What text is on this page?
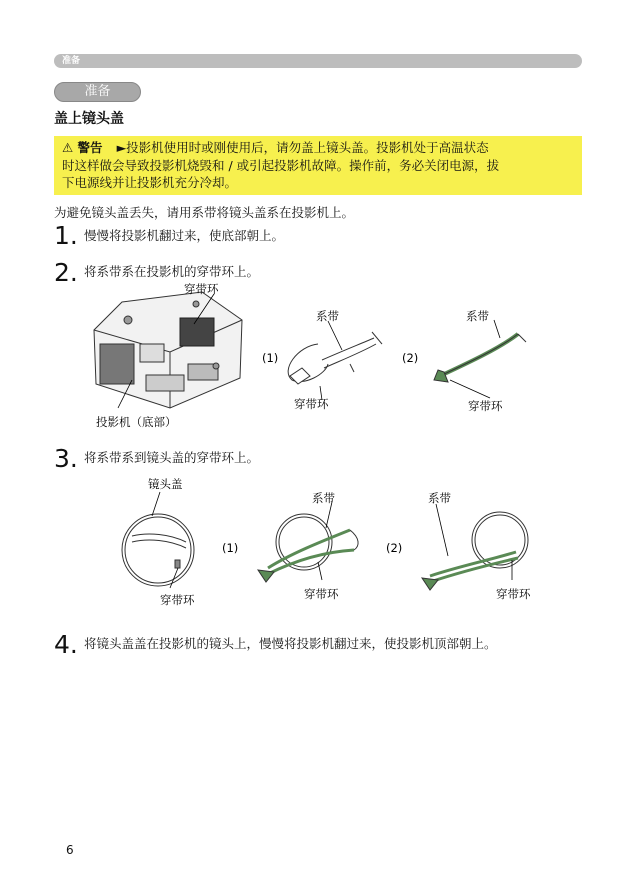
准备
准备
盖上镜头盖
⚠ 警告 ►投影机使用时或刚使用后，请勿盖上镜头盖。投影机处于高温状态
时这样做会导致投影机烧毁和 / 或引起投影机故障。操作前，务必关闭电源，拔
下电源线并让投影机充分冷却。
为避免镜头盖丢失，请用系带将镜头盖系在投影机上。
1. 慢慢将投影机翻过来，使底部朝上。
2. 将系带系在投影机的穿带环上。
穿带环
投影机（底部）
(1)
系带
穿带环
(2)
系带
穿带环
3. 将系带系到镜头盖的穿带环上。
镜头盖
穿带环
(1)
系带
穿带环
(2)
系带
穿带环
4. 将镜头盖盖在投影机的镜头上，慢慢将投影机翻过来，使投影机顶部朝上。
6
